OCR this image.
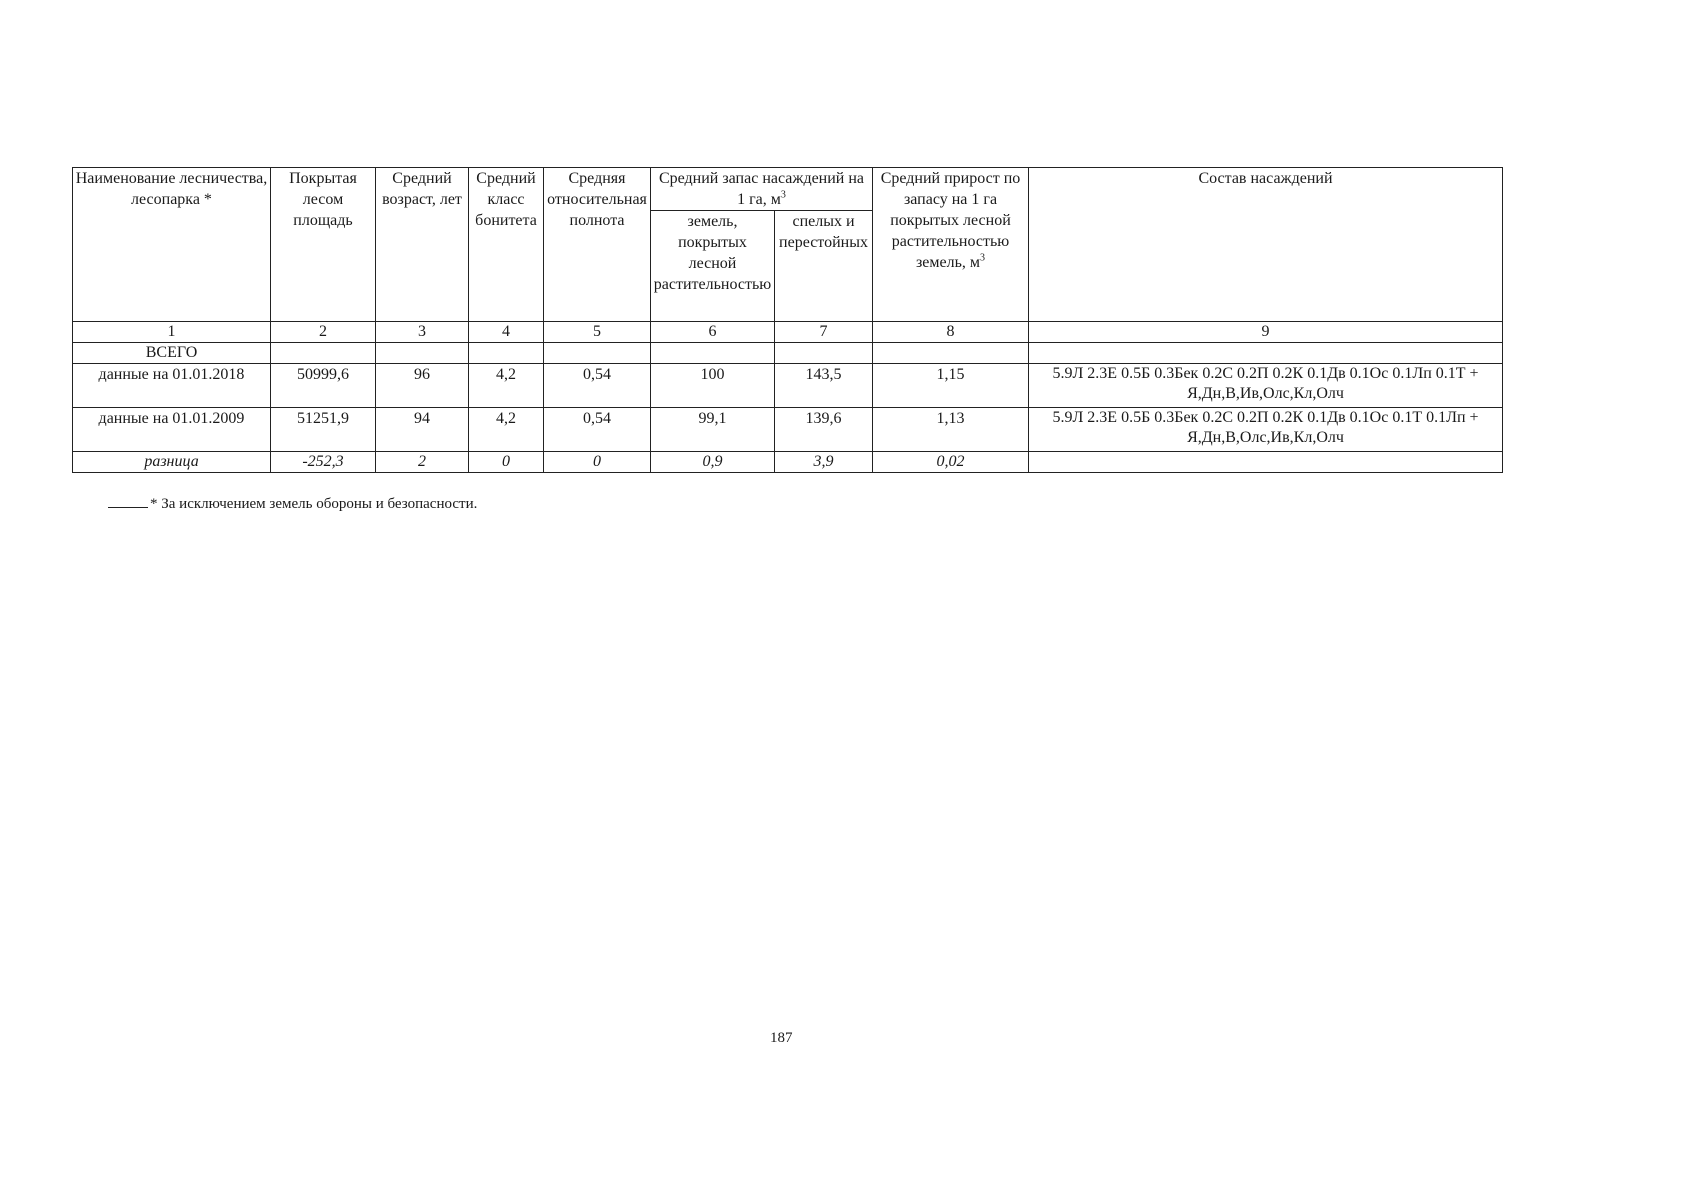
Наименование лесничества, лесопарка *	Покрытая лесом площадь	Средний возраст, лет	Средний класс бонитета	Средняя относительная полнота	Средний запас насаждений на 1 га, $м^3$		Средний прирост по запасу на 1 га покрытых лесной растительностью земель, $м^3$	Состав насаждений
					земель, покрытых лесной растительностью	спелых и перестойных		
1	2	3	4	5	6	7	8	9
ВСЕГО								
данные на 01.01.2018	50999,6	96	4,2	0,54	100	143,5	1,15	5.9Л 2.3Е 0.5Б 0.3Бек 0.2С 0.2П 0.2К 0.1Дв 0.1Ос 0.1Лп 0.1Т + Я,Дн,В,Ив,Олс,Кл,Олч
данные на 01.01.2009	51251,9	94	4,2	0,54	99,1	139,6	1,13	5.9Л 2.3Е 0.5Б 0.3Бек 0.2С 0.2П 0.2К 0.1Дв 0.1Ос 0.1Т 0.1Лп + Я,Дн,В,Олс,Ив,Кл,Олч
разница	-252,3	2	0	0	0,9	3,9	0,02	
* За исключением земель обороны и безопасности.
187
